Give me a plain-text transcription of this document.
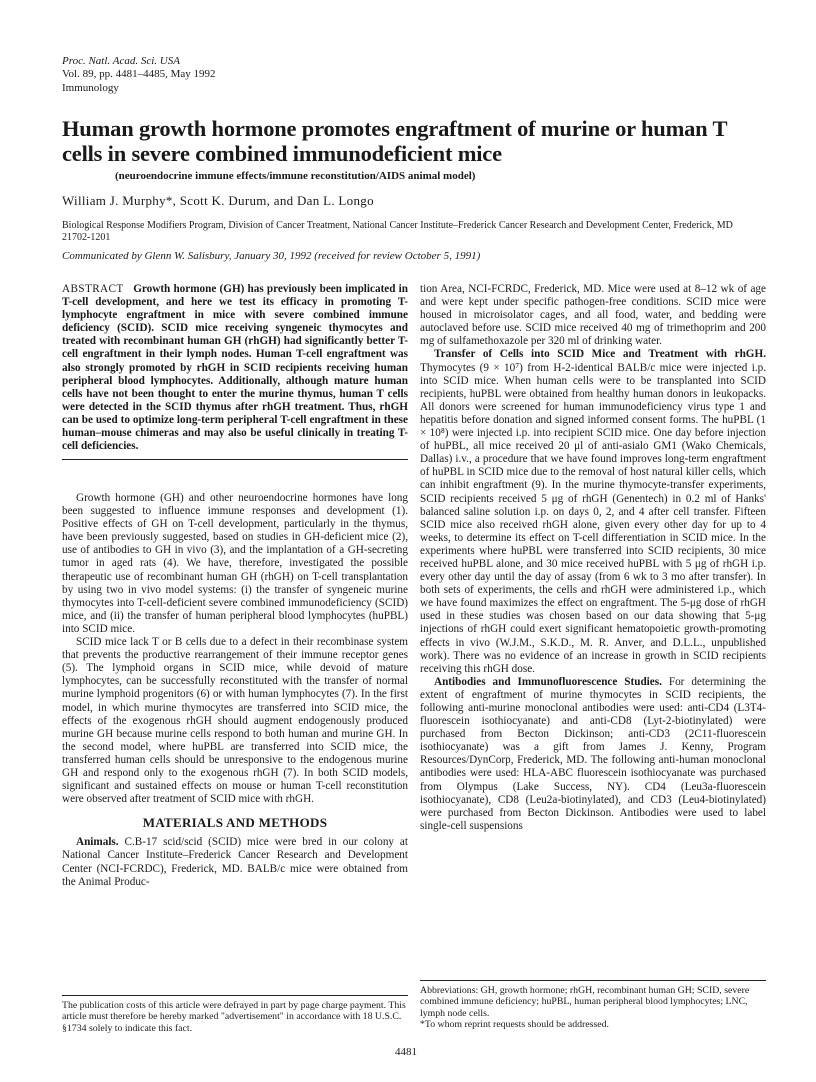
Proc. Natl. Acad. Sci. USA
Vol. 89, pp. 4481–4485, May 1992
Immunology
Human growth hormone promotes engraftment of murine or human T cells in severe combined immunodeficient mice
(neuroendocrine immune effects/immune reconstitution/AIDS animal model)
William J. Murphy*, Scott K. Durum, and Dan L. Longo
Biological Response Modifiers Program, Division of Cancer Treatment, National Cancer Institute–Frederick Cancer Research and Development Center, Frederick, MD 21702-1201
Communicated by Glenn W. Salisbury, January 30, 1992 (received for review October 5, 1991)

ABSTRACT Growth hormone (GH) has previously been implicated in T-cell development, and here we test its efficacy in promoting T-lymphocyte engraftment in mice with severe combined immune deficiency (SCID). SCID mice receiving syngeneic thymocytes and treated with recombinant human GH (rhGH) had significantly better T-cell engraftment in their lymph nodes. Human T-cell engraftment was also strongly promoted by rhGH in SCID recipients receiving human peripheral blood lymphocytes. Additionally, although mature human cells have not been thought to enter the murine thymus, human T cells were detected in the SCID thymus after rhGH treatment. Thus, rhGH can be used to optimize long-term peripheral T-cell engraftment in these human–mouse chimeras and may also be useful clinically in treating T-cell deficiencies.

Growth hormone (GH) and other neuroendocrine hormones have long been suggested to influence immune responses and development (1). Positive effects of GH on T-cell development, particularly in the thymus, have been previously suggested, based on studies in GH-deficient mice (2), use of antibodies to GH in vivo (3), and the implantation of a GH-secreting tumor in aged rats (4). We have, therefore, investigated the possible therapeutic use of recombinant human GH (rhGH) on T-cell transplantation by using two in vivo model systems: (i) the transfer of syngeneic murine thymocytes into T-cell-deficient severe combined immunodeficiency (SCID) mice, and (ii) the transfer of human peripheral blood lymphocytes (huPBL) into SCID mice.

SCID mice lack T or B cells due to a defect in their recombinase system that prevents the productive rearrangement of their immune receptor genes (5). The lymphoid organs in SCID mice, while devoid of mature lymphocytes, can be successfully reconstituted with the transfer of normal murine lymphoid progenitors (6) or with human lymphocytes (7). In the first model, in which murine thymocytes are transferred into SCID mice, the effects of the exogenous rhGH should augment endogenously produced murine GH because murine cells respond to both human and murine GH. In the second model, where huPBL are transferred into SCID mice, the transferred human cells should be unresponsive to the endogenous murine GH and respond only to the exogenous rhGH (7). In both SCID models, significant and sustained effects on mouse or human T-cell reconstitution were observed after treatment of SCID mice with rhGH.

MATERIALS AND METHODS

Animals. C.B-17 scid/scid (SCID) mice were bred in our colony at National Cancer Institute–Frederick Cancer Research and Development Center (NCI-FCRDC), Frederick, MD. BALB/c mice were obtained from the Animal Produc-

tion Area, NCI-FCRDC, Frederick, MD. Mice were used at 8–12 wk of age and were kept under specific pathogen-free conditions. SCID mice were housed in microisolator cages, and all food, water, and bedding were autoclaved before use. SCID mice received 40 mg of trimethoprim and 200 mg of sulfamethoxazole per 320 ml of drinking water.

Transfer of Cells into SCID Mice and Treatment with rhGH. Thymocytes (9 × 10⁷) from H-2-identical BALB/c mice were injected i.p. into SCID mice. When human cells were to be transplanted into SCID recipients, huPBL were obtained from healthy human donors in leukopacks. All donors were screened for human immunodeficiency virus type 1 and hepatitis before donation and signed informed consent forms. The huPBL (1 × 10⁸) were injected i.p. into recipient SCID mice. One day before injection of huPBL, all mice received 20 μl of anti-asialo GM1 (Wako Chemicals, Dallas) i.v., a procedure that we have found improves long-term engraftment of huPBL in SCID mice due to the removal of host natural killer cells, which can inhibit engraftment (9). In the murine thymocyte-transfer experiments, SCID recipients received 5 μg of rhGH (Genentech) in 0.2 ml of Hanks' balanced saline solution i.p. on days 0, 2, and 4 after cell transfer. Fifteen SCID mice also received rhGH alone, given every other day for up to 4 weeks, to determine its effect on T-cell differentiation in SCID mice. In the experiments where huPBL were transferred into SCID recipients, 30 mice received huPBL alone, and 30 mice received huPBL with 5 μg of rhGH i.p. every other day until the day of assay (from 6 wk to 3 mo after transfer). In both sets of experiments, the cells and rhGH were administered i.p., which we have found maximizes the effect on engraftment. The 5-μg dose of rhGH used in these studies was chosen based on our data showing that 5-μg injections of rhGH could exert significant hematopoietic growth-promoting effects in vivo (W.J.M., S.K.D., M. R. Anver, and D.L.L., unpublished work). There was no evidence of an increase in growth in SCID recipients receiving this rhGH dose.

Antibodies and Immunofluorescence Studies. For determining the extent of engraftment of murine thymocytes in SCID recipients, the following anti-murine monoclonal antibodies were used: anti-CD4 (L3T4-fluorescein isothiocyanate) and anti-CD8 (Lyt-2-biotinylated) were purchased from Becton Dickinson; anti-CD3 (2C11-fluorescein isothiocyanate) was a gift from James J. Kenny, Program Resources/DynCorp, Frederick, MD. The following anti-human monoclonal antibodies were used: HLA-ABC fluorescein isothiocyanate was purchased from Olympus (Lake Success, NY). CD4 (Leu3a-fluorescein isothiocyanate), CD8 (Leu2a-biotinylated), and CD3 (Leu4-biotinylated) were purchased from Becton Dickinson. Antibodies were used to label single-cell suspensions

The publication costs of this article were defrayed in part by page charge payment. This article must therefore be hereby marked "advertisement" in accordance with 18 U.S.C. §1734 solely to indicate this fact.
Abbreviations: GH, growth hormone; rhGH, recombinant human GH; SCID, severe combined immune deficiency; huPBL, human peripheral blood lymphocytes; LNC, lymph node cells.
*To whom reprint requests should be addressed.
4481
